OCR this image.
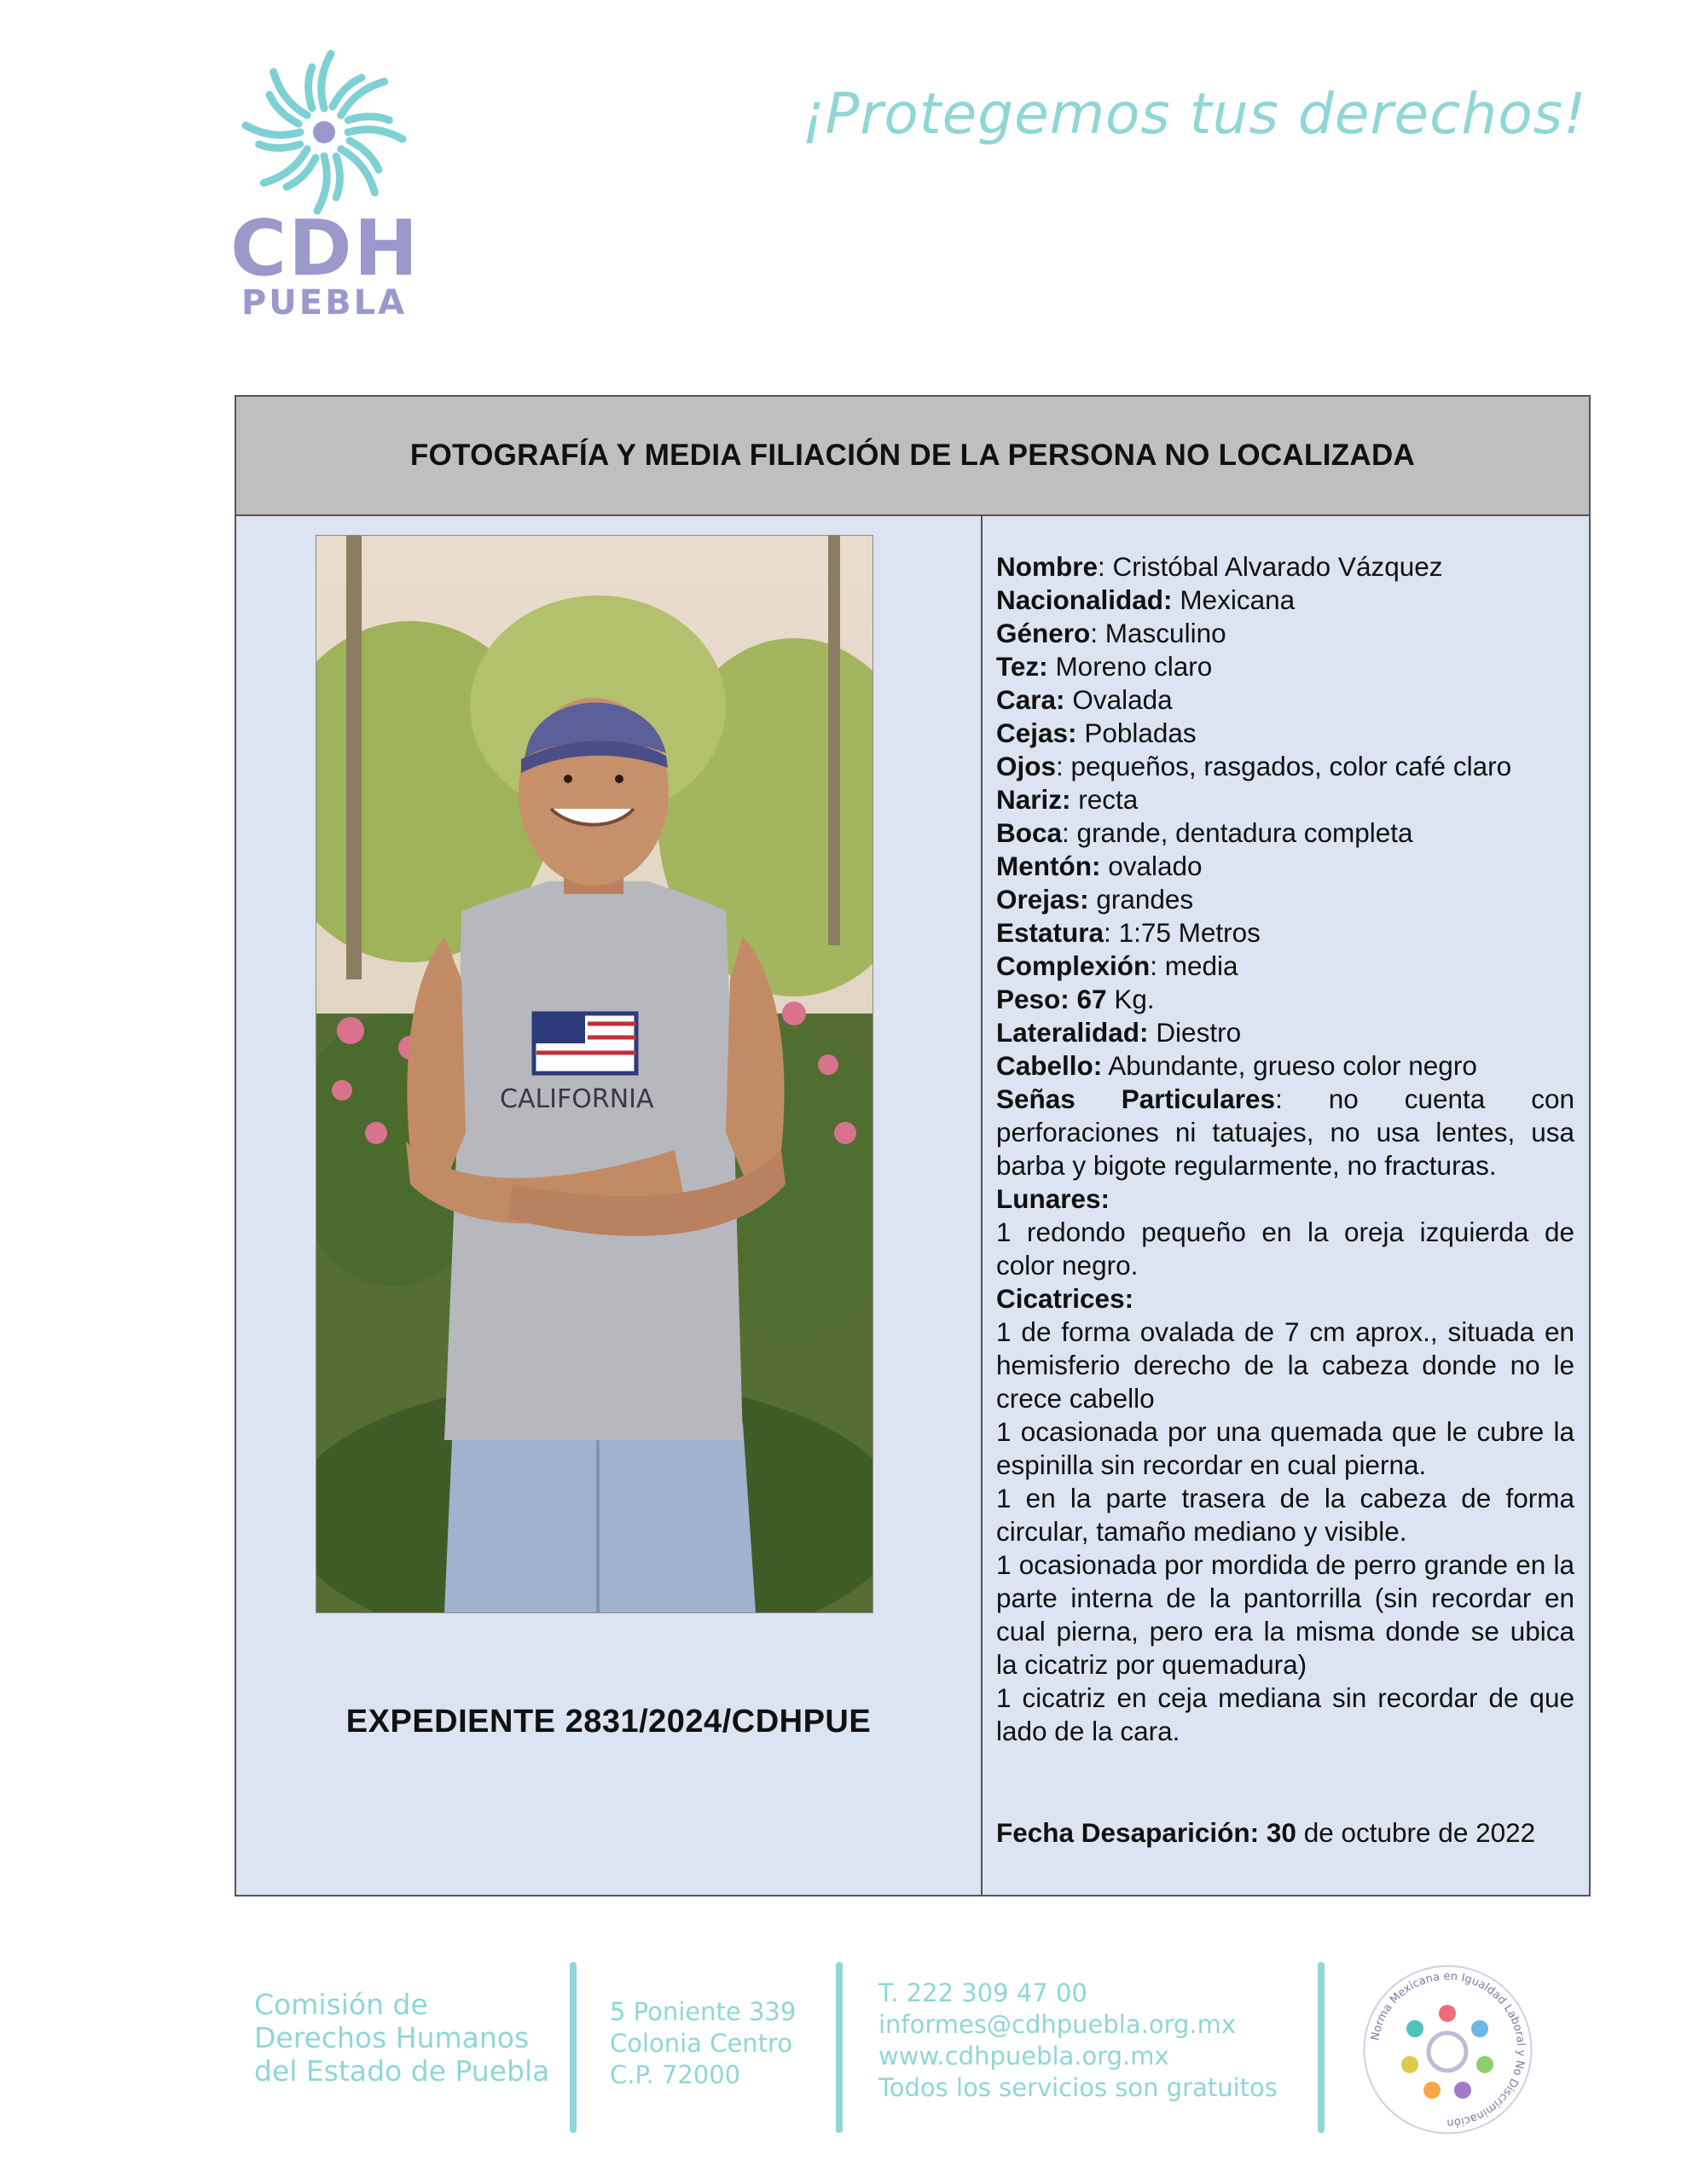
CDH
PUEBLA
¡Protegemos tus derechos!
FOTOGRAFÍA Y MEDIA FILIACIÓN DE LA PERSONA NO LOCALIZADA
CALIFORNIA
EXPEDIENTE 2831/2024/CDHPUE
Nombre: Cristóbal Alvarado Vázquez
Nacionalidad: Mexicana
Género: Masculino
Tez: Moreno claro
Cara: Ovalada
Cejas: Pobladas
Ojos: pequeños, rasgados, color café claro
Nariz: recta
Boca: grande, dentadura completa
Mentón: ovalado
Orejas: grandes
Estatura: 1:75 Metros
Complexión: media
Peso: 67 Kg.
Lateralidad: Diestro
Cabello: Abundante, grueso color negro
Señas Particulares: no cuenta con perforaciones ni tatuajes, no usa lentes, usa barba y bigote regularmente, no fracturas.
Lunares:
1 redondo pequeño en la oreja izquierda de color negro.
Cicatrices:
1 de forma ovalada de 7 cm aprox., situada en hemisferio derecho de la cabeza donde no le crece cabello
1 ocasionada por una quemada que le cubre la espinilla sin recordar en cual pierna.
1 en la parte trasera de la cabeza de forma circular, tamaño mediano y visible.
1 ocasionada por mordida de perro grande en la parte interna de la pantorrilla (sin recordar en cual pierna, pero era la misma donde se ubica la cicatriz por quemadura)
1 cicatriz en ceja mediana sin recordar de que lado de la cara.
Fecha Desaparición: 30 de octubre de 2022
Comisión de
Derechos Humanos
del Estado de Puebla
5 Poniente 339
Colonia Centro
C.P. 72000
T. 222 309 47 00
informes@cdhpuebla.org.mx
www.cdhpuebla.org.mx
Todos los servicios son gratuitos
Norma Mexicana en Igualdad Laboral y No Discriminación
